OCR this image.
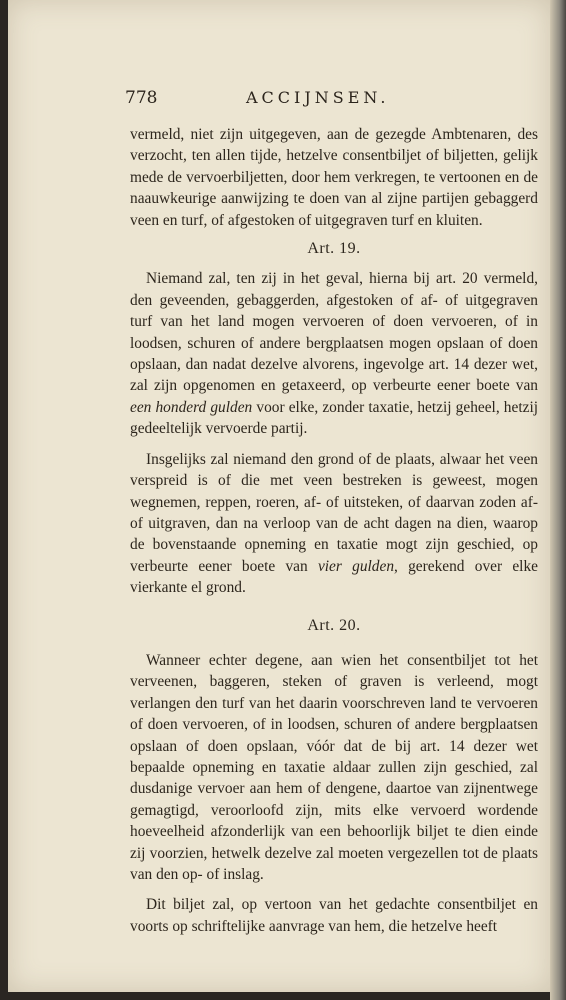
778	ACCIJNSEN.

vermeld, niet zijn uitgegeven, aan de gezegde Ambtenaren, des verzocht, ten allen tijde, hetzelve consentbiljet of biljetten, gelijk mede de vervoerbiljetten, door hem verkregen, te vertoonen en de naauwkeurige aanwijzing te doen van al zijne partijen gebaggerd veen en turf, of afgestoken of uitgegraven turf en kluiten.

Art. 19.

Niemand zal, ten zij in het geval, hierna bij art. 20 vermeld, den geveenden, gebaggerden, afgestoken of af- of uitgegraven turf van het land mogen vervoeren of doen vervoeren, of in loodsen, schuren of andere bergplaatsen mogen opslaan of doen opslaan, dan nadat dezelve alvorens, ingevolge art. 14 dezer wet, zal zijn opgenomen en getaxeerd, op verbeurte eener boete van een honderd gulden voor elke, zonder taxatie, hetzij geheel, hetzij gedeeltelijk vervoerde partij.

Insgelijks zal niemand den grond of de plaats, alwaar het veen verspreid is of die met veen bestreken is geweest, mogen wegnemen, reppen, roeren, af- of uitsteken, of daarvan zoden af- of uitgraven, dan na verloop van de acht dagen na dien, waarop de bovenstaande opneming en taxatie mogt zijn geschied, op verbeurte eener boete van vier gulden, gerekend over elke vierkante el grond.

Art. 20.

Wanneer echter degene, aan wien het consentbiljet tot het verveenen, baggeren, steken of graven is verleend, mogt verlangen den turf van het daarin voorschreven land te vervoeren of doen vervoeren, of in loodsen, schuren of andere bergplaatsen opslaan of doen opslaan, vóór dat de bij art. 14 dezer wet bepaalde opneming en taxatie aldaar zullen zijn geschied, zal dusdanige vervoer aan hem of dengene, daartoe van zijnentwege gemagtigd, veroorloofd zijn, mits elke vervoerd wordende hoeveelheid afzonderlijk van een behoorlijk biljet te dien einde zij voorzien, hetwelk dezelve zal moeten vergezellen tot de plaats van den op- of inslag.

Dit biljet zal, op vertoon van het gedachte consentbiljet en voorts op schriftelijke aanvrage van hem, die hetzelve heeft
